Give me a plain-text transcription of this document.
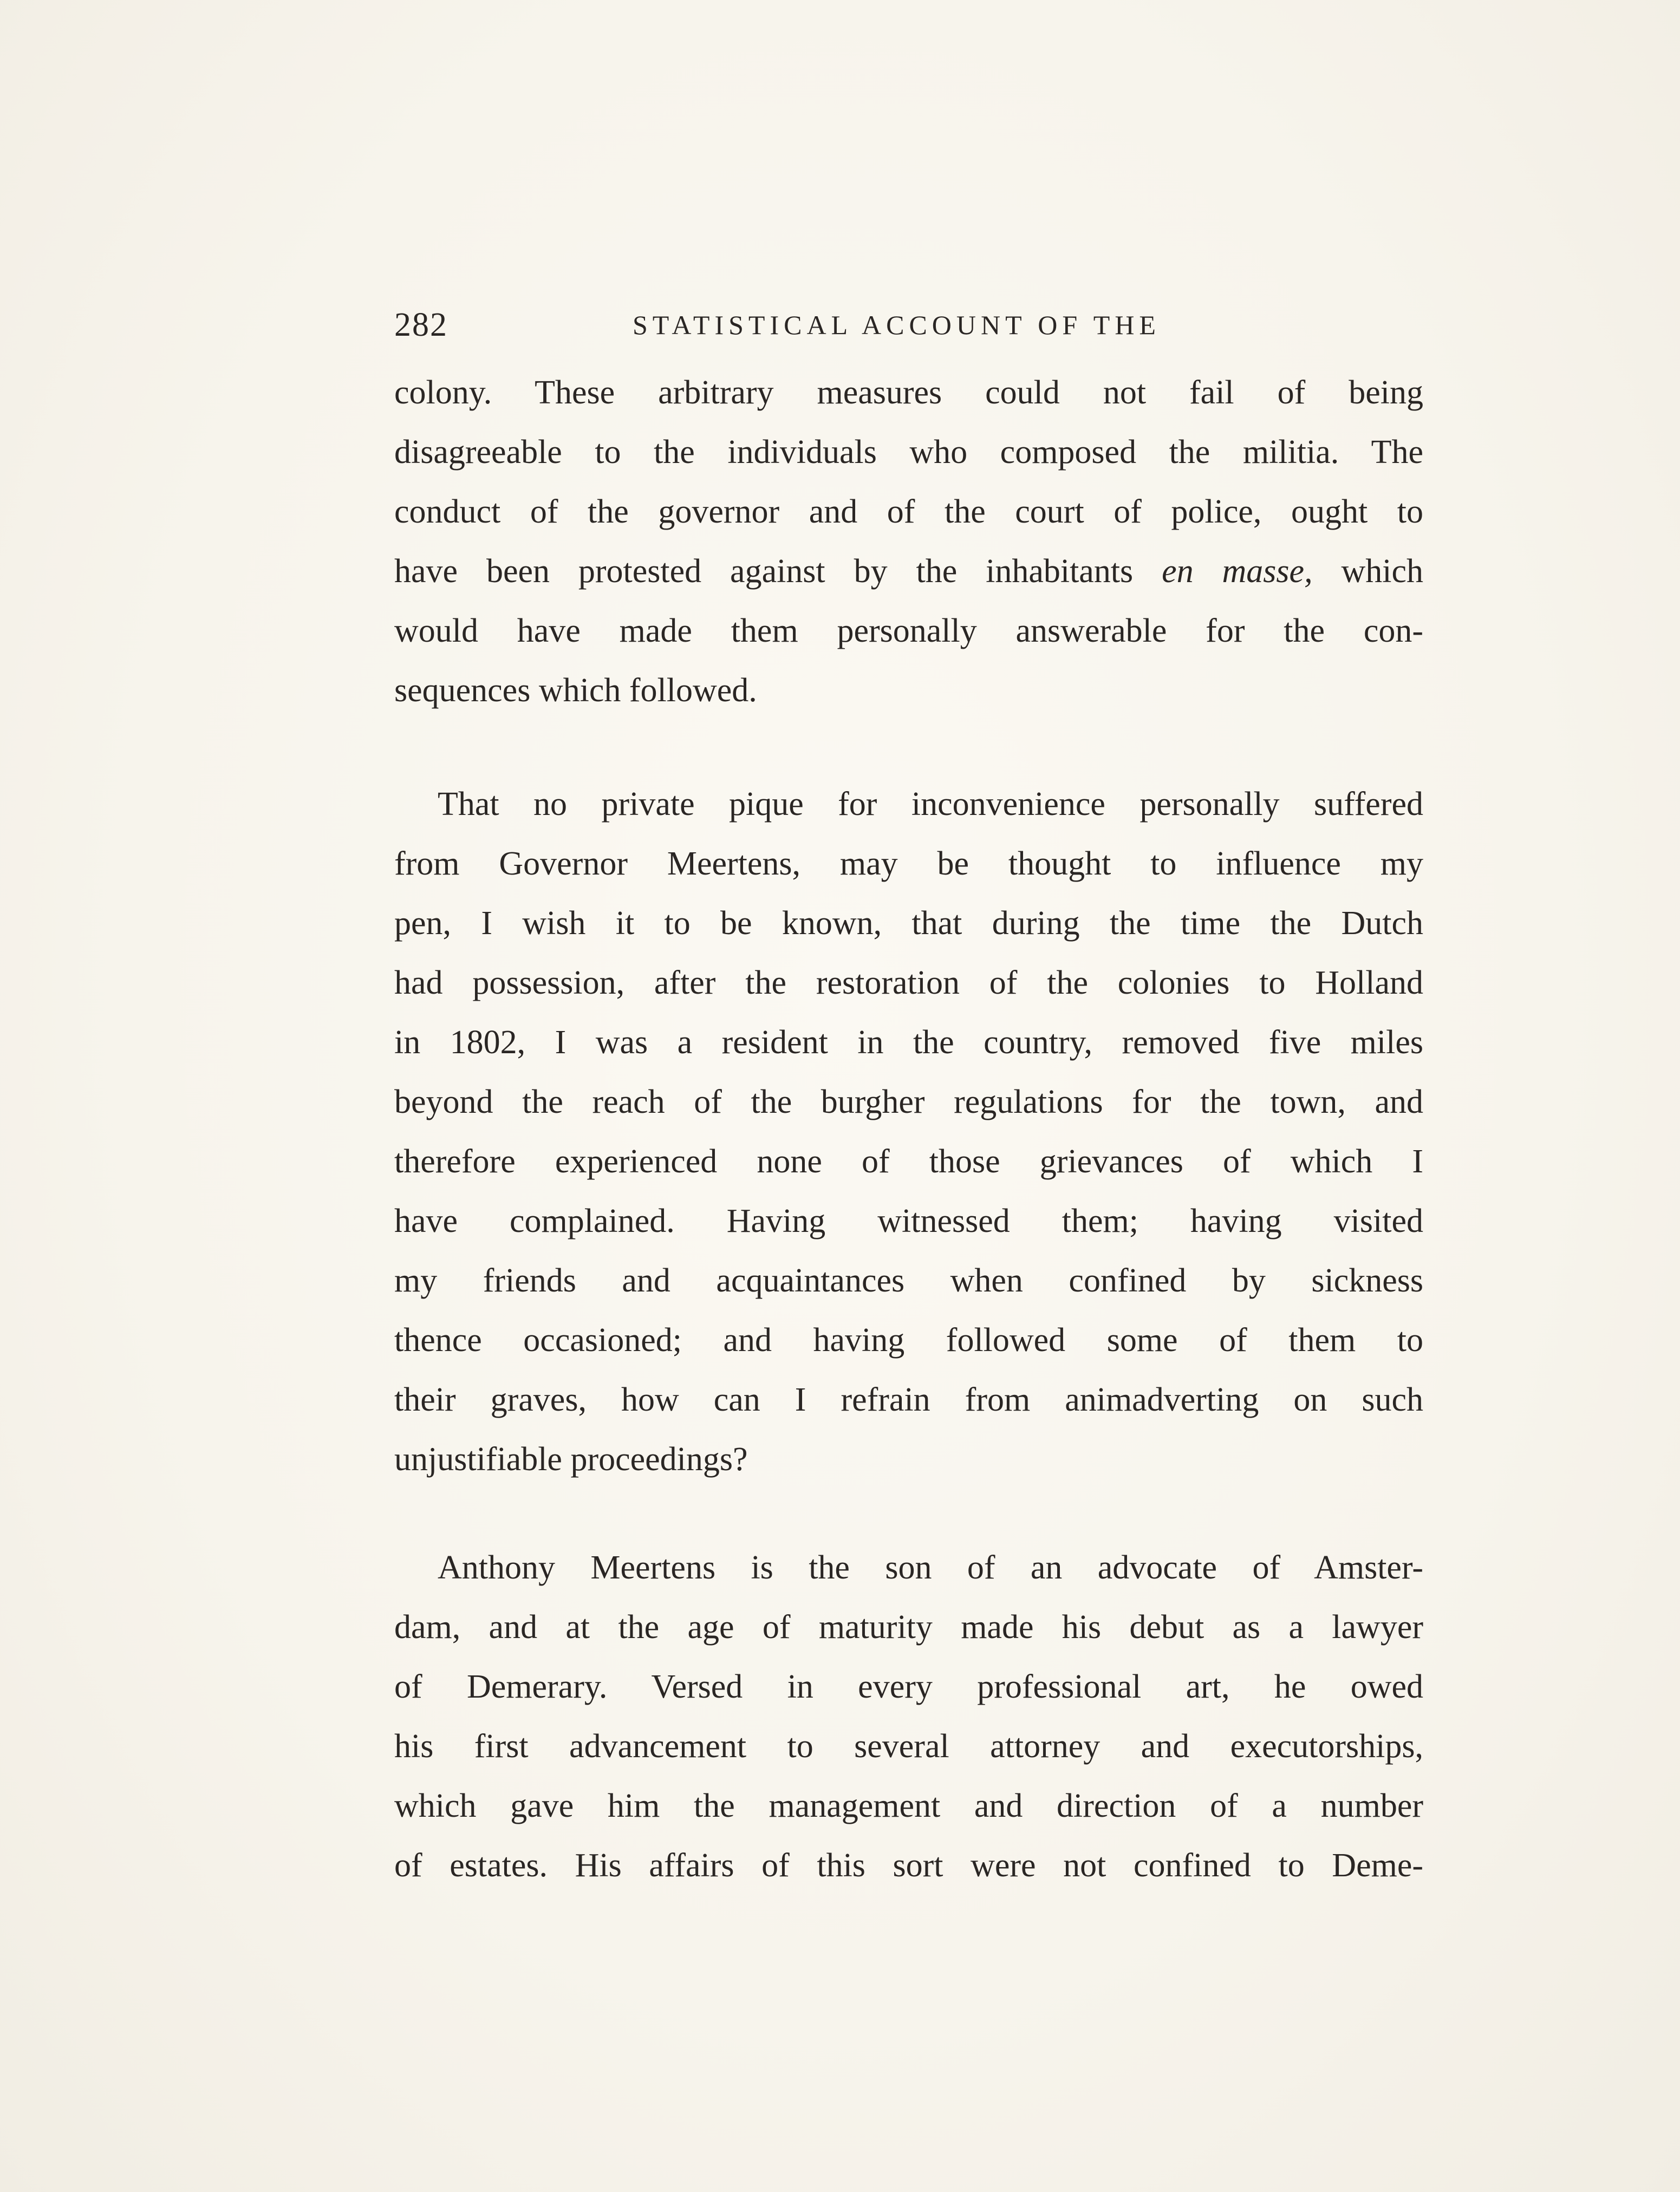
282	STATISTICAL ACCOUNT OF THE
colony. These arbitrary measures could not fail of being
disagreeable to the individuals who composed the militia. The
conduct of the governor and of the court of police, ought to
have been protested against by the inhabitants en masse, which
would have made them personally answerable for the con-
sequences which followed.
That no private pique for inconvenience personally suffered
from Governor Meertens, may be thought to influence my
pen, I wish it to be known, that during the time the Dutch
had possession, after the restoration of the colonies to Holland
in 1802, I was a resident in the country, removed five miles
beyond the reach of the burgher regulations for the town, and
therefore experienced none of those grievances of which I
have complained. Having witnessed them; having visited
my friends and acquaintances when confined by sickness
thence occasioned; and having followed some of them to
their graves, how can I refrain from animadverting on such
unjustifiable proceedings?
Anthony Meertens is the son of an advocate of Amster-
dam, and at the age of maturity made his debut as a lawyer
of Demerary. Versed in every professional art, he owed
his first advancement to several attorney and executorships,
which gave him the management and direction of a number
of estates. His affairs of this sort were not confined to Deme-
